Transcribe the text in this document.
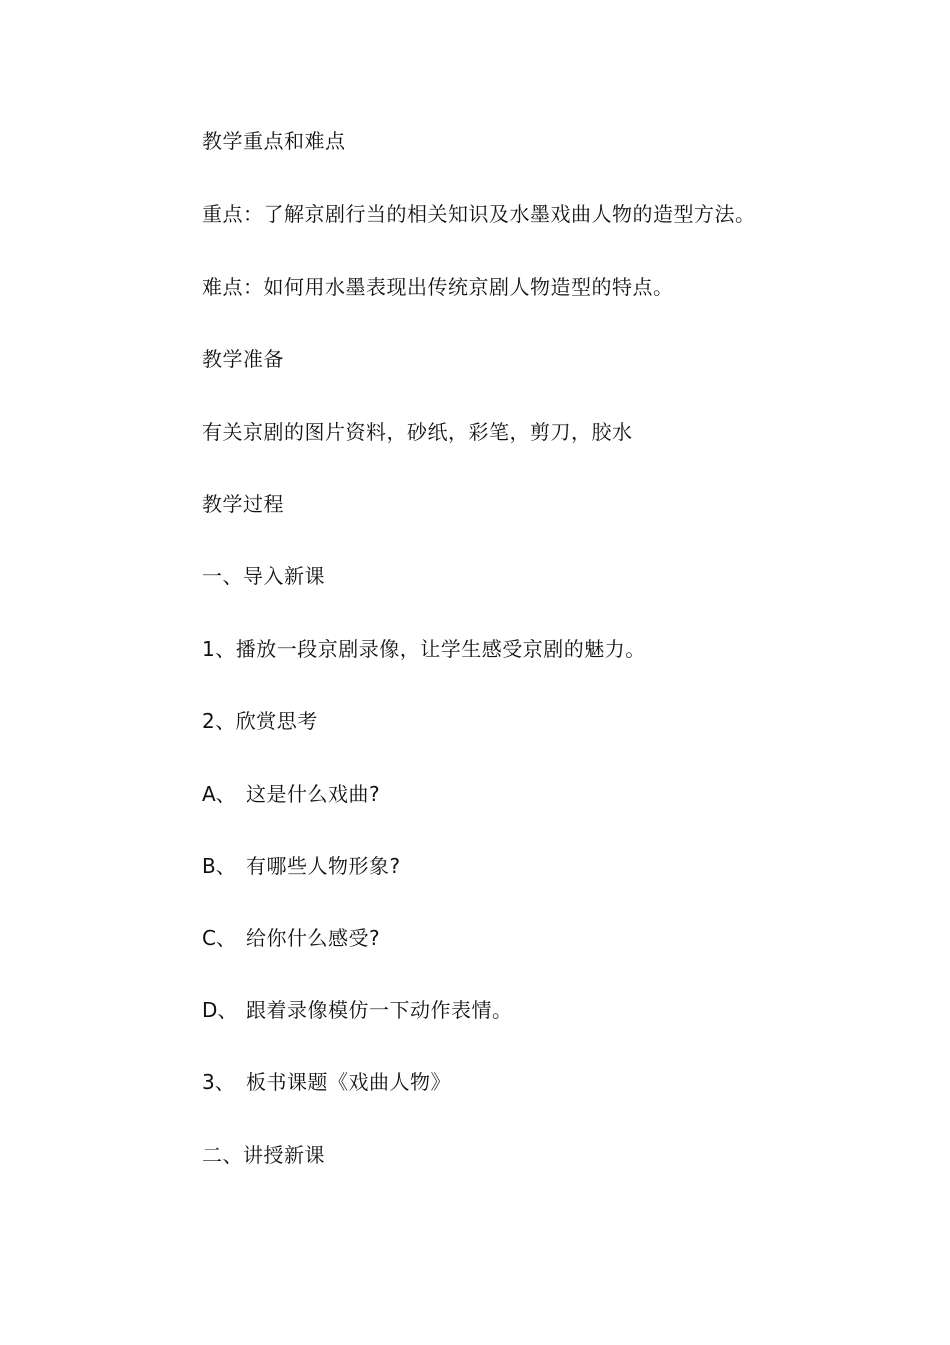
教学重点和难点
重点：了解京剧行当的相关知识及水墨戏曲人物的造型方法。
难点：如何用水墨表现出传统京剧人物造型的特点。
教学准备
有关京剧的图片资料，砂纸，彩笔，剪刀，胶水
教学过程
一、导入新课
1、播放一段京剧录像，让学生感受京剧的魅力。
2、欣赏思考
A、 这是什么戏曲?
B、 有哪些人物形象?
C、 给你什么感受?
D、 跟着录像模仿一下动作表情。
3、 板书课题《戏曲人物》
二、讲授新课
